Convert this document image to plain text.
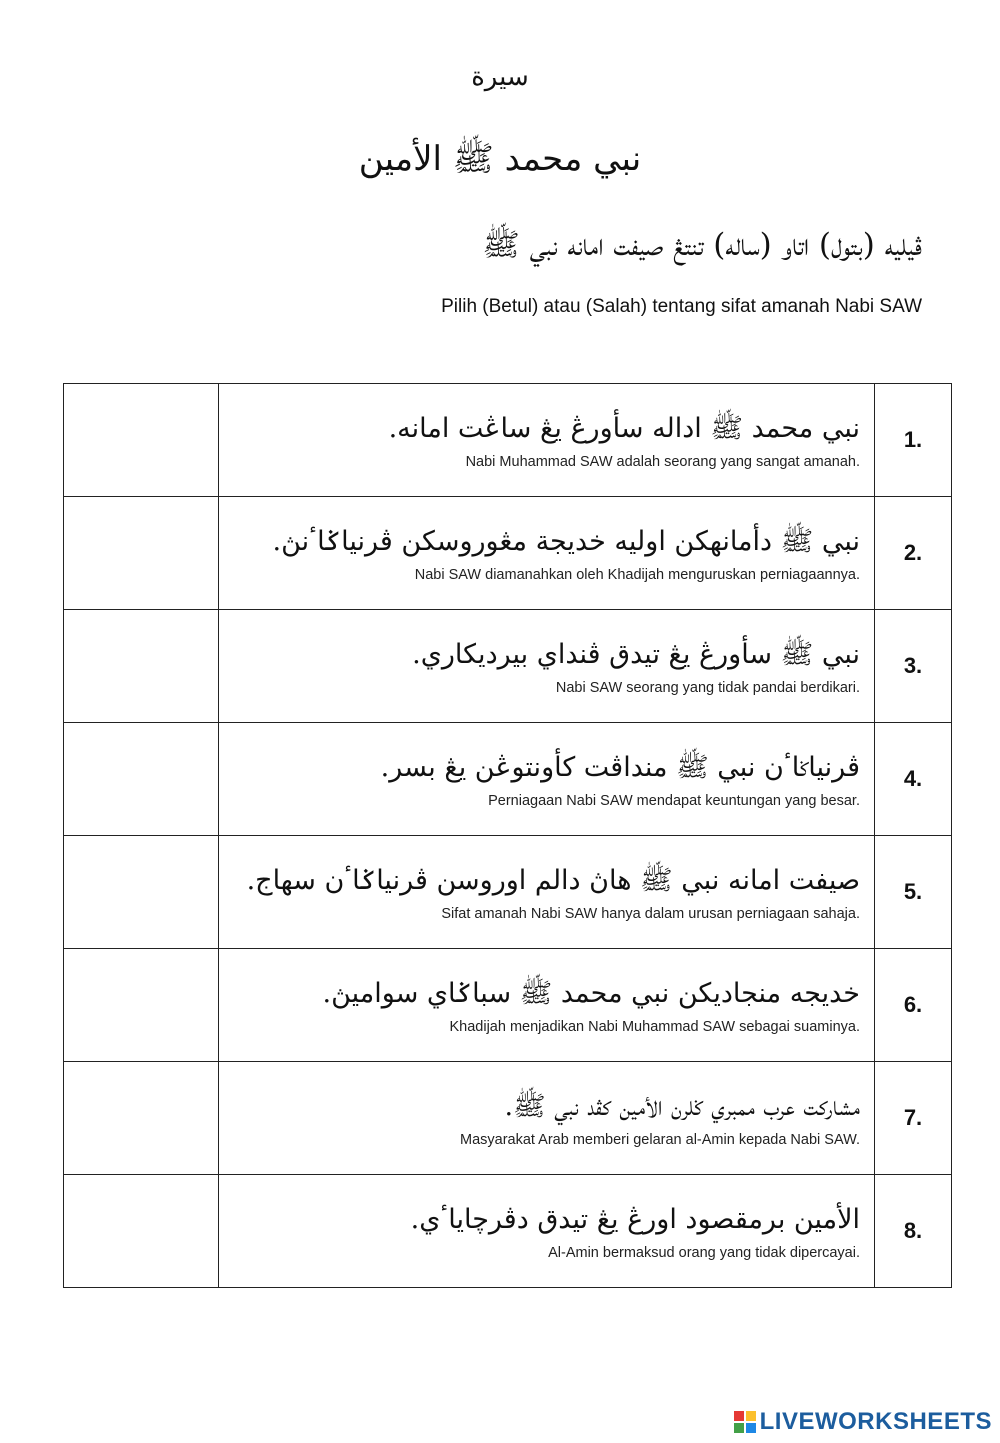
سيرة
نبي محمد ﷺ الأمين
ڤيليه (بتول) اتاو (ساله) تنتڠ صيفت امانه نبي ﷺ
Pilih (Betul) atau (Salah) tentang sifat amanah Nabi SAW

	نبي محمد ﷺ اداله سأورڠ يڠ ساڠت امانه.
Nabi Muhammad SAW adalah seorang yang sangat amanah.	1.

	نبي ﷺ دأمانهكن اوليه خديجة مڠوروسكن ڤرنياݢاٴنڽ.
Nabi SAW diamanahkan oleh Khadijah menguruskan perniagaannya.	2.

	نبي ﷺ سأورڠ يڠ تيدق ڤنداي بيرديكاري.
Nabi SAW seorang yang tidak pandai berdikari.	3.

	ڤرنياݢاٴن نبي ﷺ منداڤت كأونتوڠن يڠ بسر.
Perniagaan Nabi SAW mendapat keuntungan yang besar.	4.

	صيفت امانه نبي ﷺ هاڽ دالم اوروسن ڤرنياݢاٴن سهاج.
Sifat amanah Nabi SAW hanya dalam urusan perniagaan sahaja.	5.

	خديجه منجاديكن نبي محمد ﷺ سباݢاي سواميڽ.
Khadijah menjadikan Nabi Muhammad SAW sebagai suaminya.	6.

	مشاركت عرب ممبري ݢلرن الأمين كڤد نبي ﷺ.
Masyarakat Arab memberi gelaran al-Amin kepada Nabi SAW.	7.

	الأمين برمقصود اورڠ يڠ تيدق دڤرچاياٴي.
Al-Amin bermaksud orang yang tidak dipercayai.	8.
LIVEWORKSHEETS
